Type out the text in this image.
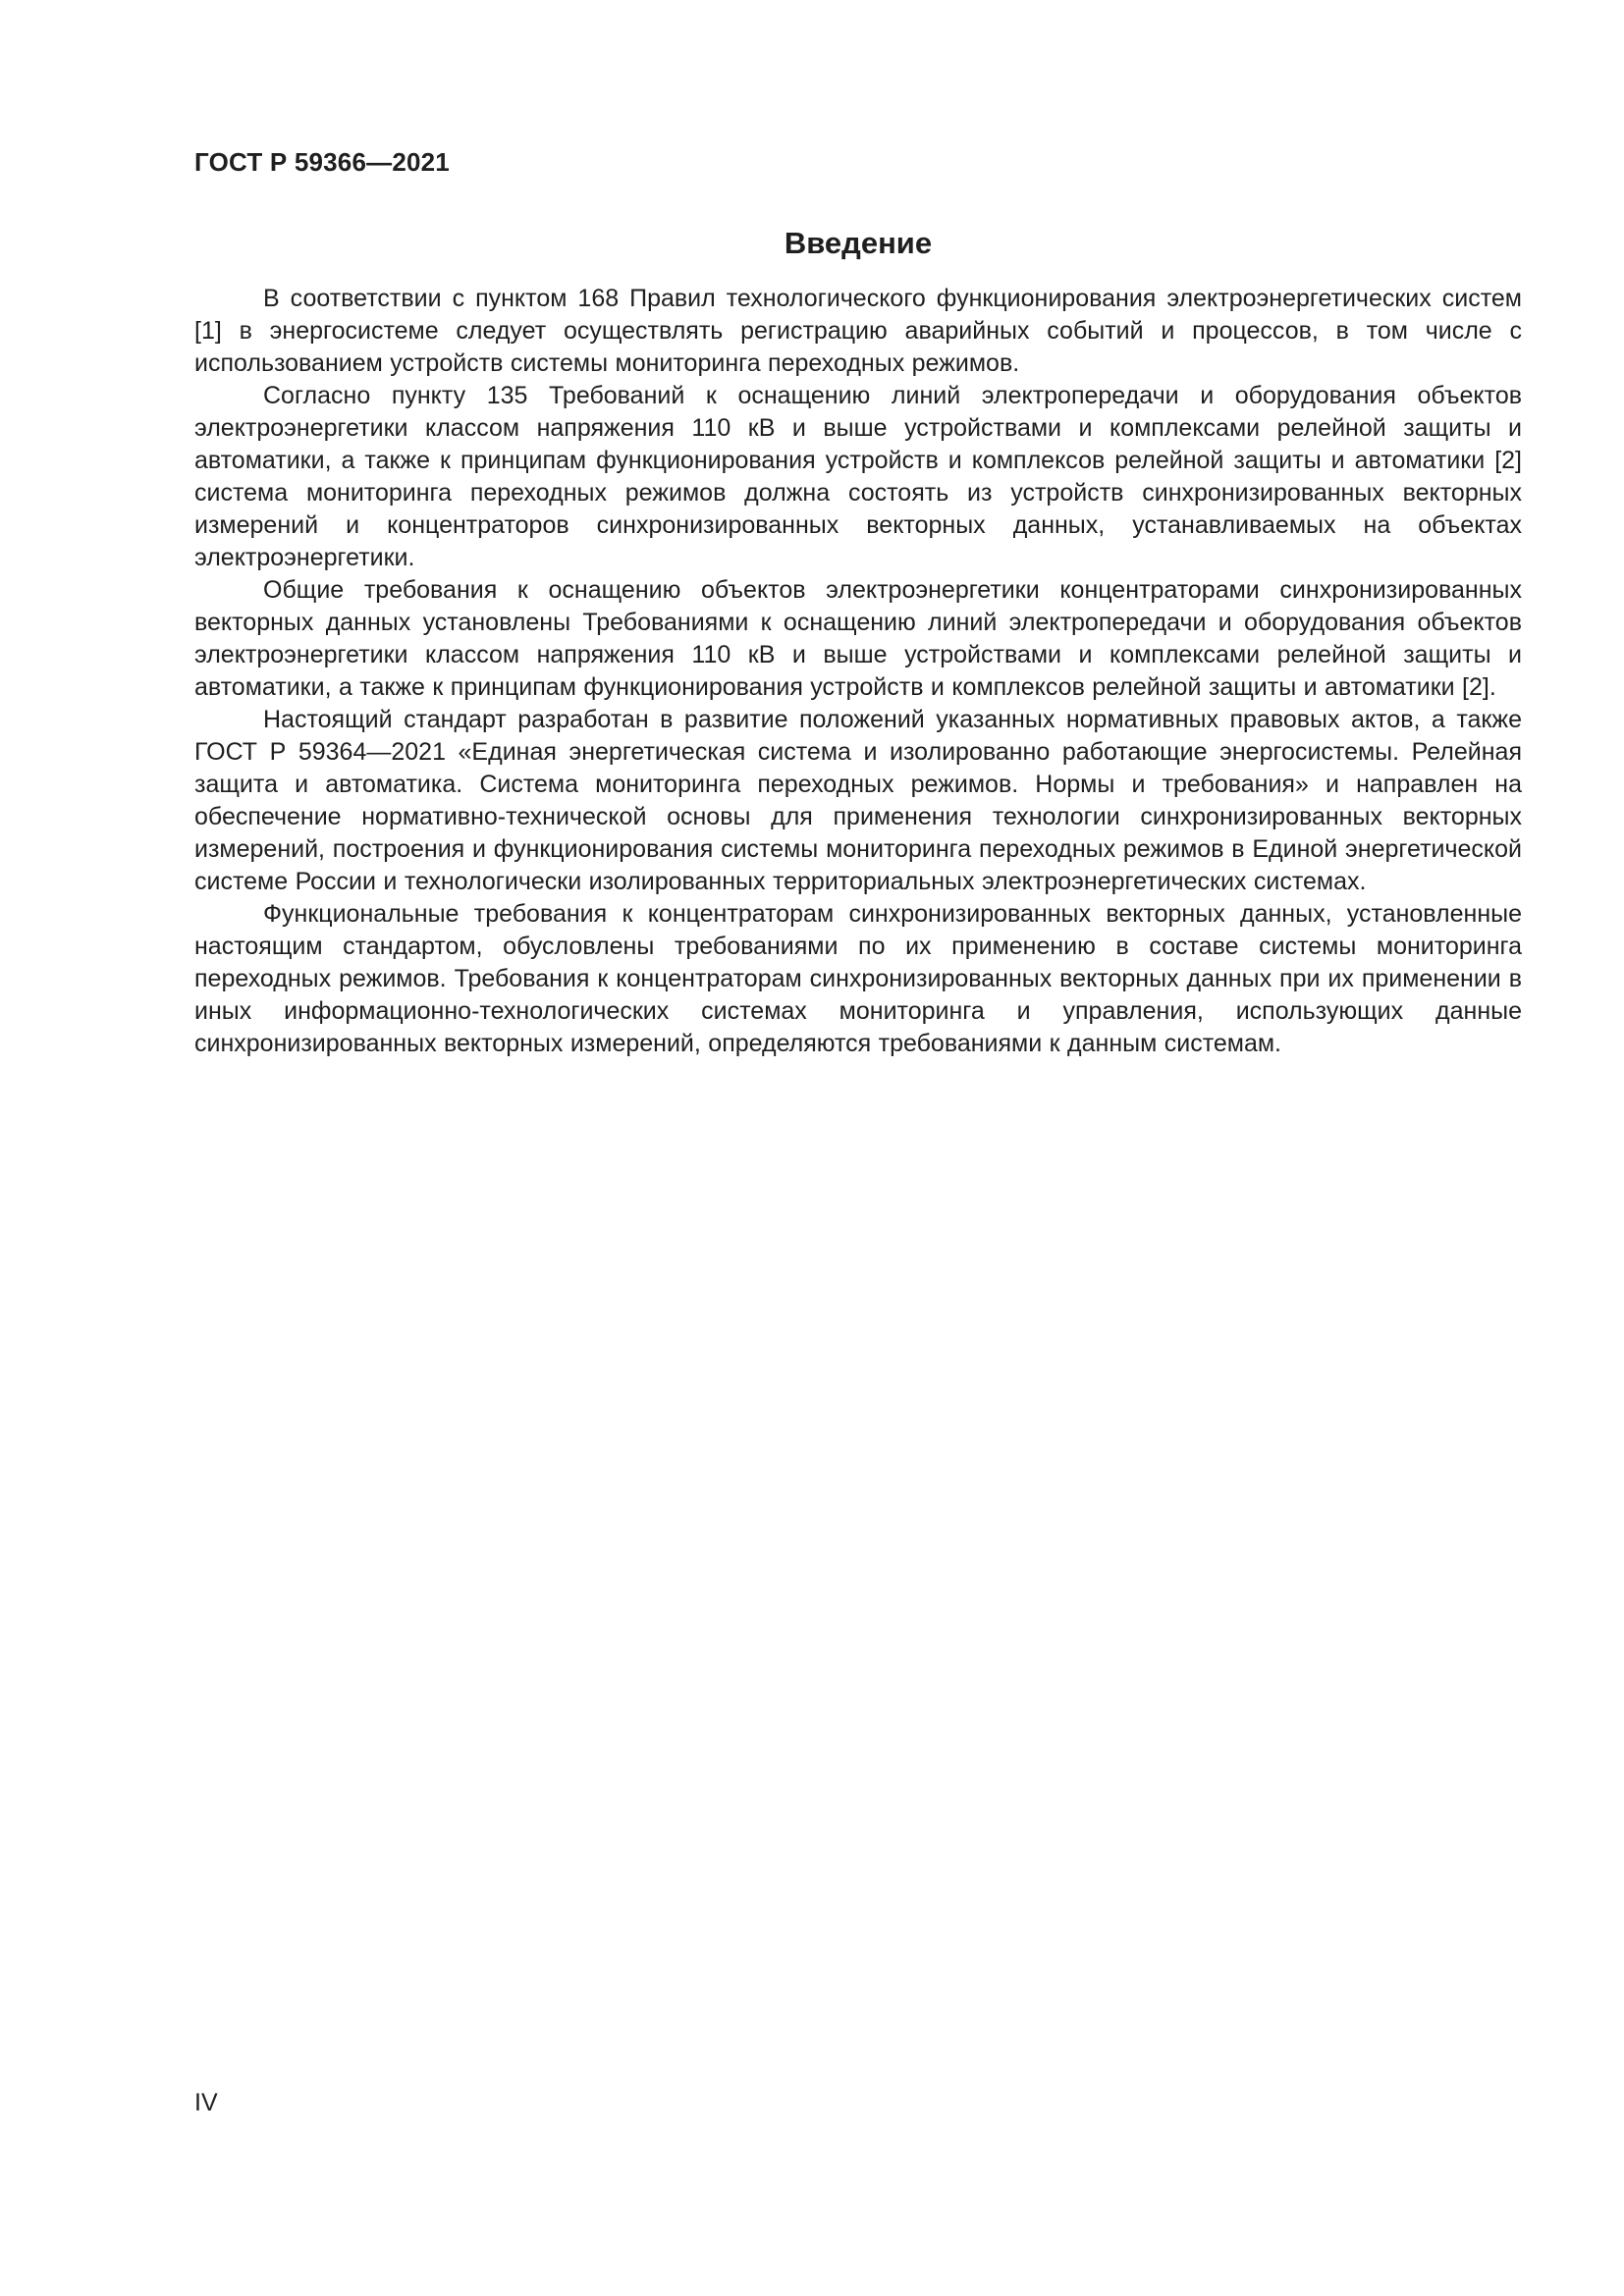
ГОСТ Р 59366—2021
Введение

В соответствии с пунктом 168 Правил технологического функционирования электроэнергетических систем [1] в энергосистеме следует осуществлять регистрацию аварийных событий и процессов, в том числе с использованием устройств системы мониторинга переходных режимов.

Согласно пункту 135 Требований к оснащению линий электропередачи и оборудования объектов электроэнергетики классом напряжения 110 кВ и выше устройствами и комплексами релейной защиты и автоматики, а также к принципам функционирования устройств и комплексов релейной защиты и автоматики [2] система мониторинга переходных режимов должна состоять из устройств синхронизированных векторных измерений и концентраторов синхронизированных векторных данных, устанавливаемых на объектах электроэнергетики.

Общие требования к оснащению объектов электроэнергетики концентраторами синхронизированных векторных данных установлены Требованиями к оснащению линий электропередачи и оборудования объектов электроэнергетики классом напряжения 110 кВ и выше устройствами и комплексами релейной защиты и автоматики, а также к принципам функционирования устройств и комплексов релейной защиты и автоматики [2].

Настоящий стандарт разработан в развитие положений указанных нормативных правовых актов, а также ГОСТ Р 59364—2021 «Единая энергетическая система и изолированно работающие энергосистемы. Релейная защита и автоматика. Система мониторинга переходных режимов. Нормы и требования» и направлен на обеспечение нормативно-технической основы для применения технологии синхронизированных векторных измерений, построения и функционирования системы мониторинга переходных режимов в Единой энергетической системе России и технологически изолированных территориальных электроэнергетических системах.

Функциональные требования к концентраторам синхронизированных векторных данных, установленные настоящим стандартом, обусловлены требованиями по их применению в составе системы мониторинга переходных режимов. Требования к концентраторам синхронизированных векторных данных при их применении в иных информационно-технологических системах мониторинга и управления, использующих данные синхронизированных векторных измерений, определяются требованиями к данным системам.

IV
